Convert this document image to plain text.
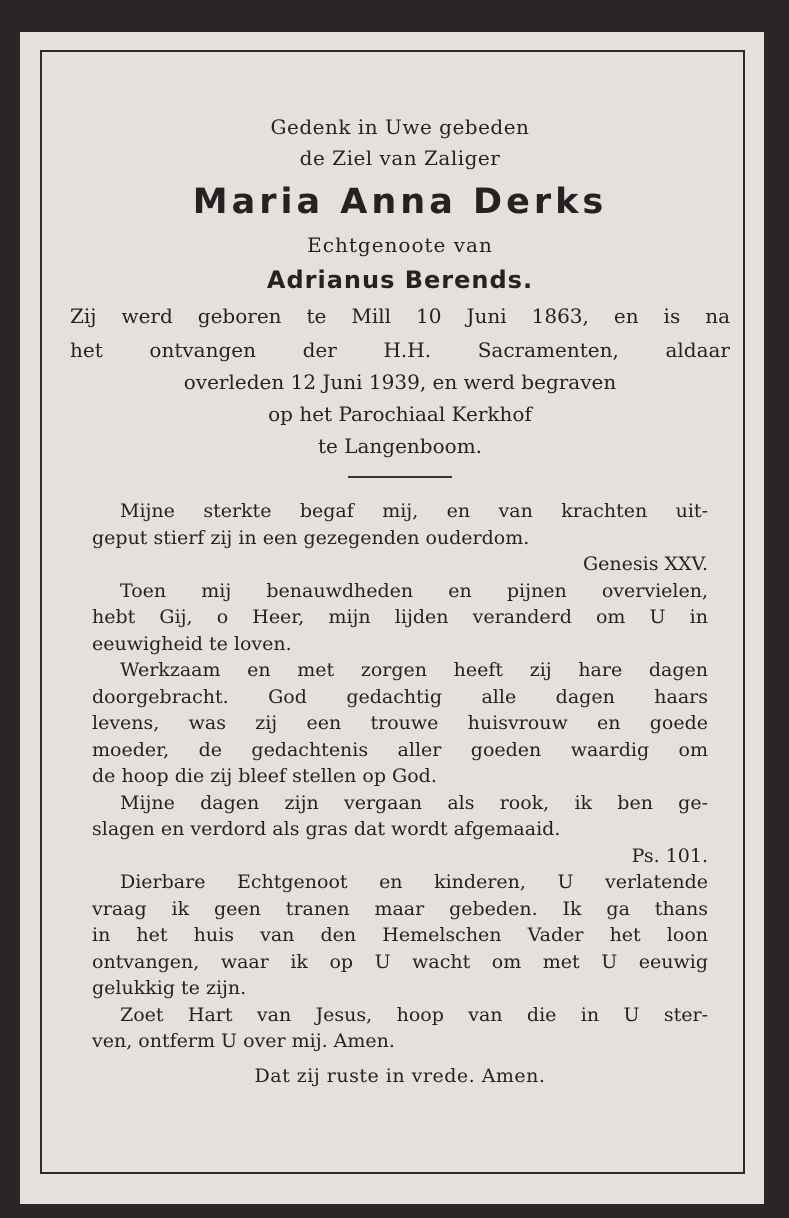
Gedenk in Uwe gebeden
de Ziel van Zaliger
Maria Anna Derks
Echtgenoote van
Adrianus Berends.
Zij werd geboren te Mill 10 Juni 1863, en is na
het ontvangen der H.H. Sacramenten, aldaar
overleden 12 Juni 1939, en werd begraven
op het Parochiaal Kerkhof
te Langenboom.
Mijne sterkte begaf mij, en van krachten uit-
geput stierf zij in een gezegenden ouderdom.
Genesis XXV.
Toen mij benauwdheden en pijnen overvielen,
hebt Gij, o Heer, mijn lijden veranderd om U in
eeuwigheid te loven.
Werkzaam en met zorgen heeft zij hare dagen
doorgebracht. God gedachtig alle dagen haars
levens, was zij een trouwe huisvrouw en goede
moeder, de gedachtenis aller goeden waardig om
de hoop die zij bleef stellen op God.
Mijne dagen zijn vergaan als rook, ik ben ge-
slagen en verdord als gras dat wordt afgemaaid.
Ps. 101.
Dierbare Echtgenoot en kinderen, U verlatende
vraag ik geen tranen maar gebeden. Ik ga thans
in het huis van den Hemelschen Vader het loon
ontvangen, waar ik op U wacht om met U eeuwig
gelukkig te zijn.
Zoet Hart van Jesus, hoop van die in U ster-
ven, ontferm U over mij. Amen.
Dat zij ruste in vrede. Amen.
